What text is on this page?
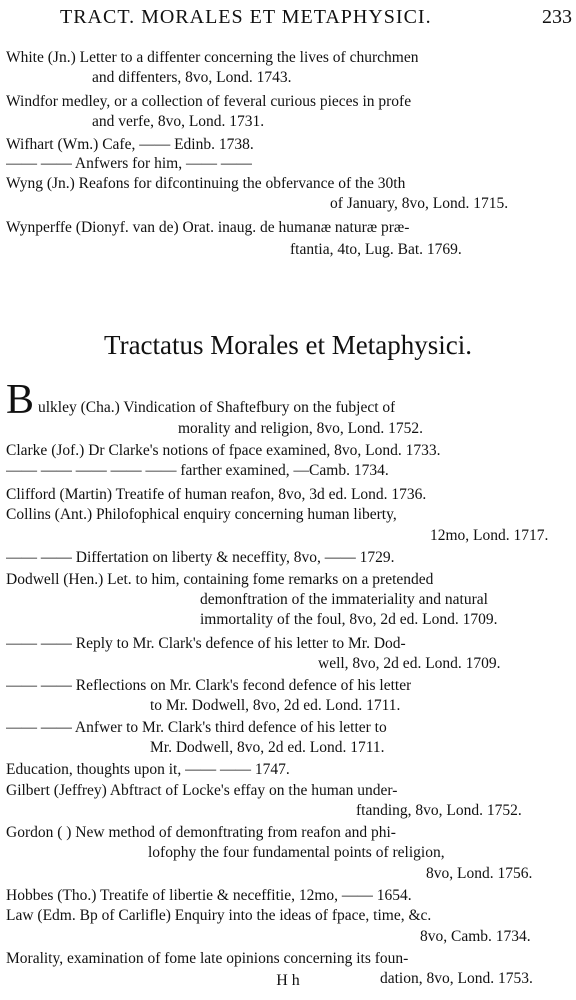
TRACT. MORALES ET METAPHYSICI.	233
White (Jn.) Letter to a diffenter concerning the lives of churchmen
and diffenters, 8vo, Lond. 1743.
Windfor medley, or a collection of feveral curious pieces in profe
and verfe, 8vo, Lond. 1731.
Wifhart (Wm.) Cafe, —— Edinb. 1738.
—— —— Anfwers for him, —— ——
Wyng (Jn.) Reafons for difcontinuing the obfervance of the 30th
of January, 8vo, Lond. 1715.
Wynperffe (Dionyf. van de) Orat. inaug. de humanæ naturæ præ-
ftantia, 4to, Lug. Bat. 1769.
Tractatus Morales et Metaphysici.
B ulkley (Cha.) Vindication of Shaftefbury on the fubject of
morality and religion, 8vo, Lond. 1752.
Clarke (Jof.) Dr Clarke's notions of fpace examined, 8vo, Lond. 1733.
—— —— —— —— —— farther examined, —Camb. 1734.
Clifford (Martin) Treatife of human reafon, 8vo, 3d ed. Lond. 1736.
Collins (Ant.) Philofophical enquiry concerning human liberty,
12mo, Lond. 1717.
—— —— Differtation on liberty & neceffity, 8vo, —— 1729.
Dodwell (Hen.) Let. to him, containing fome remarks on a pretended
demonftration of the immateriality and natural
immortality of the foul, 8vo, 2d ed. Lond. 1709.
—— —— Reply to Mr. Clark's defence of his letter to Mr. Dod-
well, 8vo, 2d ed. Lond. 1709.
—— —— Reflections on Mr. Clark's fecond defence of his letter
to Mr. Dodwell, 8vo, 2d ed. Lond. 1711.
—— —— Anfwer to Mr. Clark's third defence of his letter to
Mr. Dodwell, 8vo, 2d ed. Lond. 1711.
Education, thoughts upon it, —— —— 1747.
Gilbert (Jeffrey) Abftract of Locke's effay on the human under-
ftanding, 8vo, Lond. 1752.
Gordon ( ) New method of demonftrating from reafon and phi-
lofophy the four fundamental points of religion,
8vo, Lond. 1756.
Hobbes (Tho.) Treatife of libertie & neceffitie, 12mo, —— 1654.
Law (Edm. Bp of Carlifle) Enquiry into the ideas of fpace, time, &c.
8vo, Camb. 1734.
Morality, examination of fome late opinions concerning its foun-
dation, 8vo, Lond. 1753.
H h
